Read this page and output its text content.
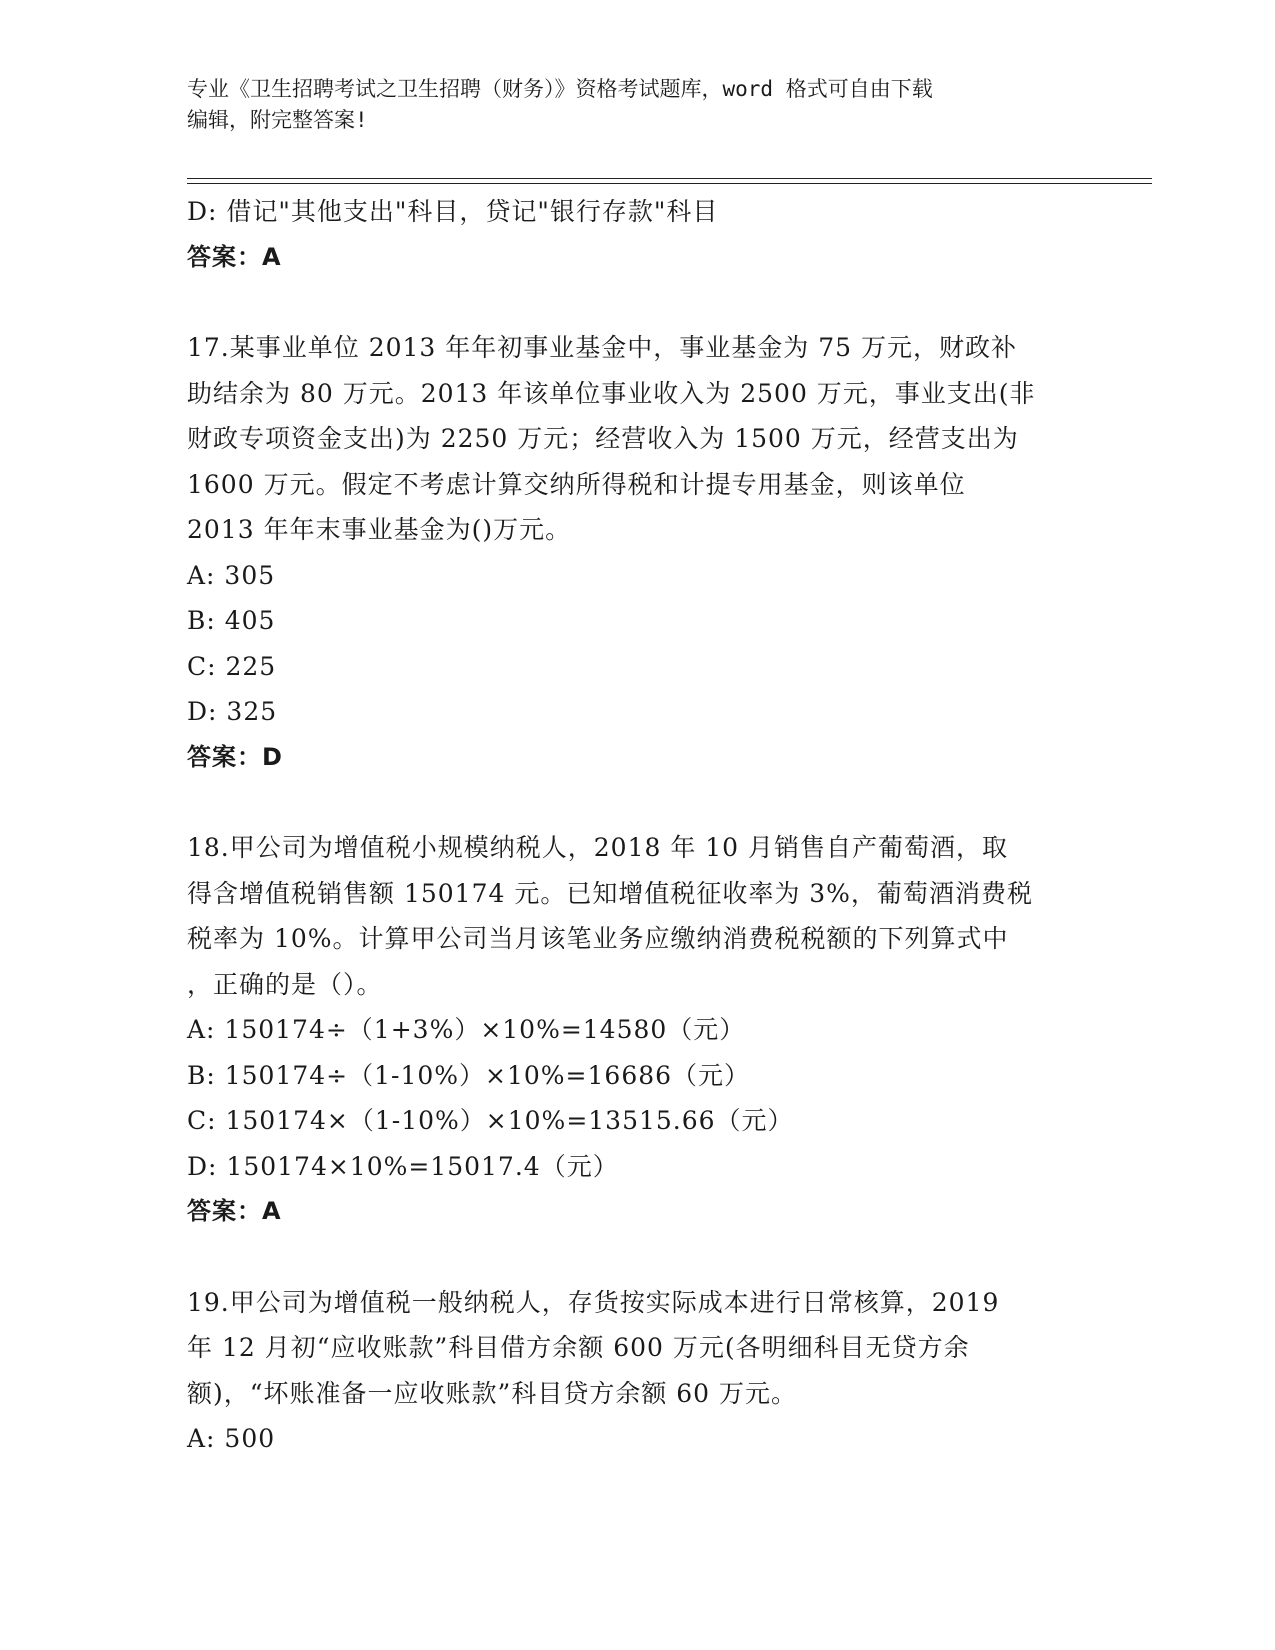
专业《卫生招聘考试之卫生招聘（财务）》资格考试题库，word 格式可自由下载
编辑，附完整答案!
D: 借记"其他支出"科目，贷记"银行存款"科目
答案：A
17.某事业单位 2013 年年初事业基金中，事业基金为 75 万元，财政补
助结余为 80 万元。2013 年该单位事业收入为 2500 万元，事业支出(非
财政专项资金支出)为 2250 万元；经营收入为 1500 万元，经营支出为
1600 万元。假定不考虑计算交纳所得税和计提专用基金，则该单位
2013 年年末事业基金为()万元。
A: 305
B: 405
C: 225
D: 325
答案：D
18.甲公司为增值税小规模纳税人，2018 年 10 月销售自产葡萄酒，取
得含增值税销售额 150174 元。已知增值税征收率为 3%，葡萄酒消费税
税率为 10%。计算甲公司当月该笔业务应缴纳消费税税额的下列算式中
，正确的是（）。
A: 150174÷（1+3%）×10%=14580（元）
B: 150174÷（1-10%）×10%=16686（元）
C: 150174×（1-10%）×10%=13515.66（元）
D: 150174×10%=15017.4（元）
答案：A
19.甲公司为增值税一般纳税人，存货按实际成本进行日常核算，2019
年 12 月初“应收账款”科目借方余额 600 万元(各明细科目无贷方余
额)，“坏账准备一应收账款”科目贷方余额 60 万元。
A: 500
